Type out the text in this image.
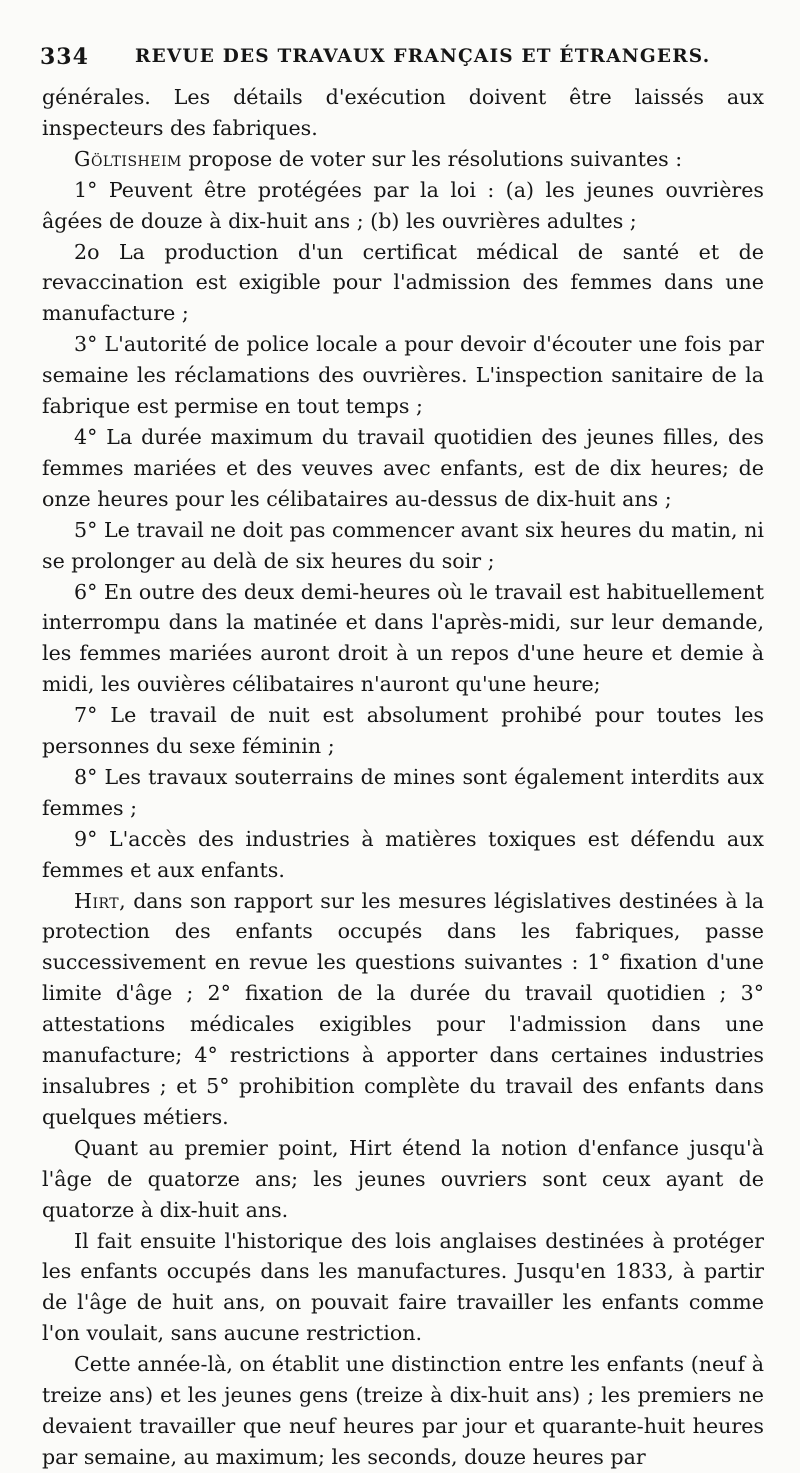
334 REVUE DES TRAVAUX FRANÇAIS ET ÉTRANGERS.

générales. Les détails d'exécution doivent être laissés aux inspecteurs des fabriques.

Göltisheim propose de voter sur les résolutions suivantes :

1° Peuvent être protégées par la loi : (a) les jeunes ouvrières âgées de douze à dix-huit ans ; (b) les ouvrières adultes ;

2o La production d'un certificat médical de santé et de revaccination est exigible pour l'admission des femmes dans une manufacture ;

3° L'autorité de police locale a pour devoir d'écouter une fois par semaine les réclamations des ouvrières. L'inspection sanitaire de la fabrique est permise en tout temps ;

4° La durée maximum du travail quotidien des jeunes filles, des femmes mariées et des veuves avec enfants, est de dix heures; de onze heures pour les célibataires au-dessus de dix-huit ans ;

5° Le travail ne doit pas commencer avant six heures du matin, ni se prolonger au delà de six heures du soir ;

6° En outre des deux demi-heures où le travail est habituellement interrompu dans la matinée et dans l'après-midi, sur leur demande, les femmes mariées auront droit à un repos d'une heure et demie à midi, les ouvières célibataires n'auront qu'une heure;

7° Le travail de nuit est absolument prohibé pour toutes les personnes du sexe féminin ;

8° Les travaux souterrains de mines sont également interdits aux femmes ;

9° L'accès des industries à matières toxiques est défendu aux femmes et aux enfants.

Hirt, dans son rapport sur les mesures législatives destinées à la protection des enfants occupés dans les fabriques, passe successivement en revue les questions suivantes : 1° fixation d'une limite d'âge ; 2° fixation de la durée du travail quotidien ; 3° attestations médicales exigibles pour l'admission dans une manufacture; 4° restrictions à apporter dans certaines industries insalubres ; et 5° prohibition complète du travail des enfants dans quelques métiers.

Quant au premier point, Hirt étend la notion d'enfance jusqu'à l'âge de quatorze ans; les jeunes ouvriers sont ceux ayant de quatorze à dix-huit ans.

Il fait ensuite l'historique des lois anglaises destinées à protéger les enfants occupés dans les manufactures. Jusqu'en 1833, à partir de l'âge de huit ans, on pouvait faire travailler les enfants comme l'on voulait, sans aucune restriction.

Cette année-là, on établit une distinction entre les enfants (neuf à treize ans) et les jeunes gens (treize à dix-huit ans) ; les premiers ne devaient travailler que neuf heures par jour et quarante-huit heures par semaine, au maximum; les seconds, douze heures par
